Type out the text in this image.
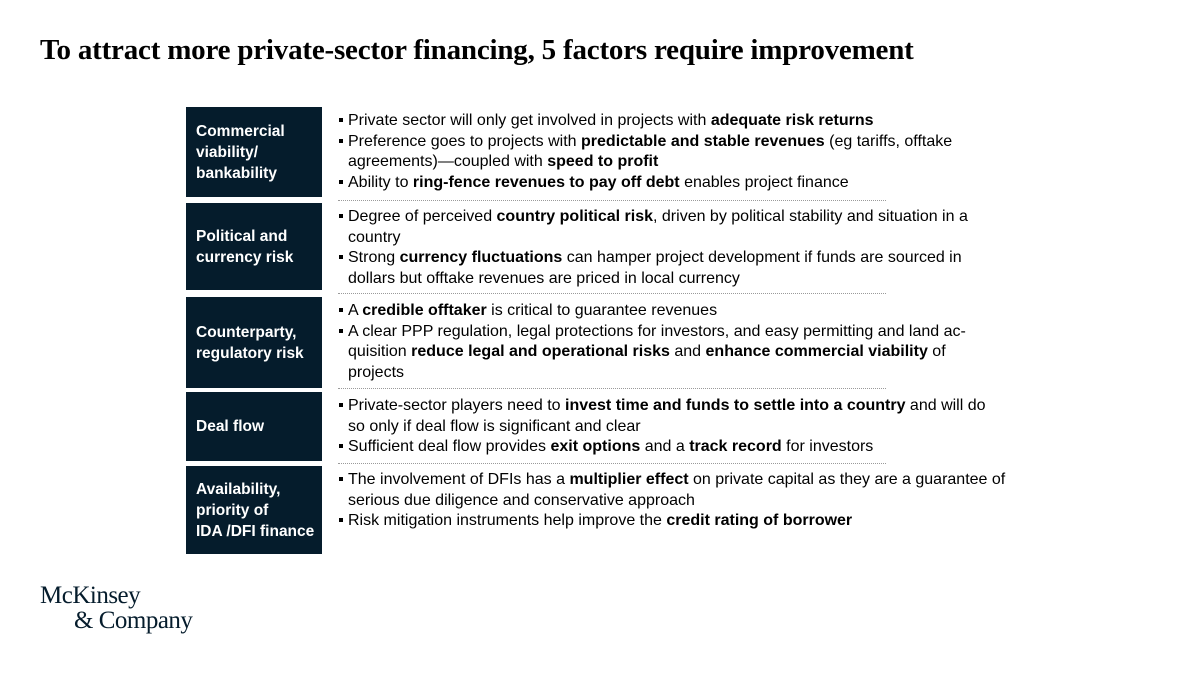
To attract more private-sector financing, 5 factors require improvement
Commercial
viability/
bankability
Private sector will only get involved in projects with adequate risk returns
Preference goes to projects with predictable and stable revenues (eg tariffs, offtake agreements)—coupled with speed to profit
Ability to ring-fence revenues to pay off debt enables project finance
Political and
currency risk
Degree of perceived country political risk, driven by political stability and situation in a country
Strong currency fluctuations can hamper project development if funds are sourced in dollars but offtake revenues are priced in local currency
Counterparty,
regulatory risk
A credible offtaker is critical to guarantee revenues
A clear PPP regulation, legal protections for investors, and easy permitting and land ac-quisition reduce legal and operational risks and enhance commercial viability of projects
Deal flow
Private-sector players need to invest time and funds to settle into a country and will do so only if deal flow is significant and clear
Sufficient deal flow provides exit options and a track record for investors
Availability,
priority of
IDA /DFI finance
The involvement of DFIs has a multiplier effect on private capital as they are a guarantee of serious due diligence and conservative approach
Risk mitigation instruments help improve the credit rating of borrower
McKinsey
& Company
